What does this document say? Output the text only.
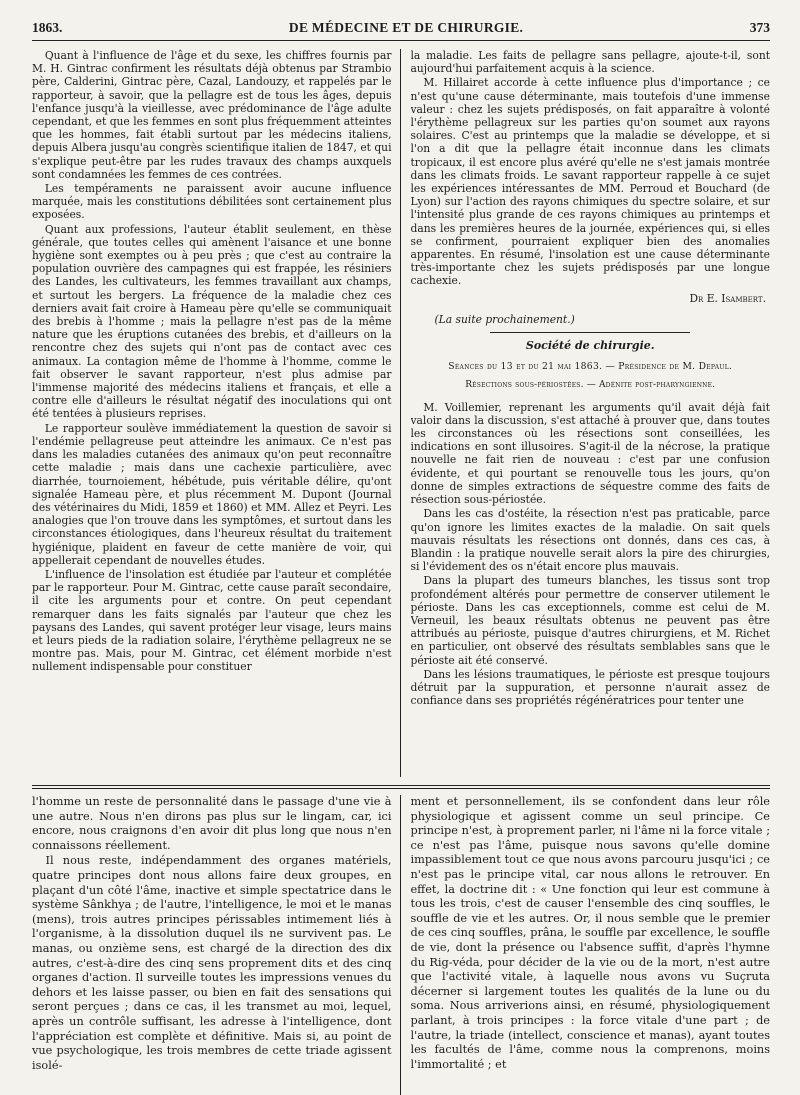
1863.	DE MÉDECINE ET DE CHIRURGIE.	373

Quant à l'influence de l'âge et du sexe, les chiffres fournis par M. H. Gintrac confirment les résultats déjà obtenus par Strambio père, Calderini, Gintrac père, Cazal, Landouzy, et rappelés par le rapporteur, à savoir, que la pellagre est de tous les âges, depuis l'enfance jusqu'à la vieillesse, avec prédominance de l'âge adulte cependant, et que les femmes en sont plus fréquemment atteintes que les hommes, fait établi surtout par les médecins italiens, depuis Albera jusqu'au congrès scientifique italien de 1847, et qui s'explique peut-être par les rudes travaux des champs auxquels sont condamnées les femmes de ces contrées.

Les tempéraments ne paraissent avoir aucune influence marquée, mais les constitutions débilitées sont certainement plus exposées.

Quant aux professions, l'auteur établit seulement, en thèse générale, que toutes celles qui amènent l'aisance et une bonne hygiène sont exemptes ou à peu près ; que c'est au contraire la population ouvrière des campagnes qui est frappée, les résiniers des Landes, les cultivateurs, les femmes travaillant aux champs, et surtout les bergers. La fréquence de la maladie chez ces derniers avait fait croire à Hameau père qu'elle se communiquait des brebis à l'homme ; mais la pellagre n'est pas de la même nature que les éruptions cutanées des brebis, et d'ailleurs on la rencontre chez des sujets qui n'ont pas de contact avec ces animaux. La contagion même de l'homme à l'homme, comme le fait observer le savant rapporteur, n'est plus admise par l'immense majorité des médecins italiens et français, et elle a contre elle d'ailleurs le résultat négatif des inoculations qui ont été tentées à plusieurs reprises.

Le rapporteur soulève immédiatement la question de savoir si l'endémie pellagreuse peut atteindre les animaux. Ce n'est pas dans les maladies cutanées des animaux qu'on peut reconnaître cette maladie ; mais dans une cachexie particulière, avec diarrhée, tournoiement, hébétude, puis véritable délire, qu'ont signalée Hameau père, et plus récemment M. Dupont (Journal des vétérinaires du Midi, 1859 et 1860) et MM. Allez et Peyri. Les analogies que l'on trouve dans les symptômes, et surtout dans les circonstances étiologiques, dans l'heureux résultat du traitement hygiénique, plaident en faveur de cette manière de voir, qui appellerait cependant de nouvelles études.

L'influence de l'insolation est étudiée par l'auteur et complétée par le rapporteur. Pour M. Gintrac, cette cause paraît secondaire, il cite les arguments pour et contre. On peut cependant remarquer dans les faits signalés par l'auteur que chez les paysans des Landes, qui savent protéger leur visage, leurs mains et leurs pieds de la radiation solaire, l'érythème pellagreux ne se montre pas. Mais, pour M. Gintrac, cet élément morbide n'est nullement indispensable pour constituer

la maladie. Les faits de pellagre sans pellagre, ajoute-t-il, sont aujourd'hui parfaitement acquis à la science.

M. Hillairet accorde à cette influence plus d'importance ; ce n'est qu'une cause déterminante, mais toutefois d'une immense valeur : chez les sujets prédisposés, on fait apparaître à volonté l'érythème pellagreux sur les parties qu'on soumet aux rayons solaires. C'est au printemps que la maladie se développe, et si l'on a dit que la pellagre était inconnue dans les climats tropicaux, il est encore plus avéré qu'elle ne s'est jamais montrée dans les climats froids. Le savant rapporteur rappelle à ce sujet les expériences intéressantes de MM. Perroud et Bouchard (de Lyon) sur l'action des rayons chimiques du spectre solaire, et sur l'intensité plus grande de ces rayons chimiques au printemps et dans les premières heures de la journée, expériences qui, si elles se confirment, pourraient expliquer bien des anomalies apparentes. En résumé, l'insolation est une cause déterminante très-importante chez les sujets prédisposés par une longue cachexie.

Dr E. Isambert.
(La suite prochainement.)
Société de chirurgie.
Séances du 13 et du 21 mai 1863. — Présidence de M. Depaul.
Résections sous-périostées. — Adénite post-pharyngienne.

M. Voillemier, reprenant les arguments qu'il avait déjà fait valoir dans la discussion, s'est attaché à prouver que, dans toutes les circonstances où les résections sont conseillées, les indications en sont illusoires. S'agit-il de la nécrose, la pratique nouvelle ne fait rien de nouveau : c'est par une confusion évidente, et qui pourtant se renouvelle tous les jours, qu'on donne de simples extractions de séquestre comme des faits de résection sous-périostée.

Dans les cas d'ostéite, la résection n'est pas praticable, parce qu'on ignore les limites exactes de la maladie. On sait quels mauvais résultats les résections ont donnés, dans ces cas, à Blandin : la pratique nouvelle serait alors la pire des chirurgies, si l'évidement des os n'était encore plus mauvais.

Dans la plupart des tumeurs blanches, les tissus sont trop profondément altérés pour permettre de conserver utilement le périoste. Dans les cas exceptionnels, comme est celui de M. Verneuil, les beaux résultats obtenus ne peuvent pas être attribués au périoste, puisque d'autres chirurgiens, et M. Richet en particulier, ont observé des résultats semblables sans que le périoste ait été conservé.

Dans les lésions traumatiques, le périoste est presque toujours détruit par la suppuration, et personne n'aurait assez de confiance dans ses propriétés régénératrices pour tenter une

l'homme un reste de personnalité dans le passage d'une vie à une autre. Nous n'en dirons pas plus sur le lingam, car, ici encore, nous craignons d'en avoir dit plus long que nous n'en connaissons réellement.

Il nous reste, indépendamment des organes matériels, quatre principes dont nous allons faire deux groupes, en plaçant d'un côté l'âme, inactive et simple spectatrice dans le système Sânkhya ; de l'autre, l'intelligence, le moi et le manas (mens), trois autres principes périssables intimement liés à l'organisme, à la dissolution duquel ils ne survivent pas. Le manas, ou onzième sens, est chargé de la direction des dix autres, c'est-à-dire des cinq sens proprement dits et des cinq organes d'action. Il surveille toutes les impressions venues du dehors et les laisse passer, ou bien en fait des sensations qui seront perçues ; dans ce cas, il les transmet au moi, lequel, après un contrôle suffisant, les adresse à l'intelligence, dont l'appréciation est complète et définitive. Mais si, au point de vue psychologique, les trois membres de cette triade agissent isolé-

ment et personnellement, ils se confondent dans leur rôle physiologique et agissent comme un seul principe. Ce principe n'est, à proprement parler, ni l'âme ni la force vitale ; ce n'est pas l'âme, puisque nous savons qu'elle domine impassiblement tout ce que nous avons parcouru jusqu'ici ; ce n'est pas le principe vital, car nous allons le retrouver. En effet, la doctrine dit : « Une fonction qui leur est commune à tous les trois, c'est de causer l'ensemble des cinq souffles, le souffle de vie et les autres. Or, il nous semble que le premier de ces cinq souffles, prâna, le souffle par excellence, le souffle de vie, dont la présence ou l'absence suffit, d'après l'hymne du Rig-véda, pour décider de la vie ou de la mort, n'est autre que l'activité vitale, à laquelle nous avons vu Suçruta décerner si largement toutes les qualités de la lune ou du soma. Nous arriverions ainsi, en résumé, physiologiquement parlant, à trois principes : la force vitale d'une part ; de l'autre, la triade (intellect, conscience et manas), ayant toutes les facultés de l'âme, comme nous la comprenons, moins l'immortalité ; et
